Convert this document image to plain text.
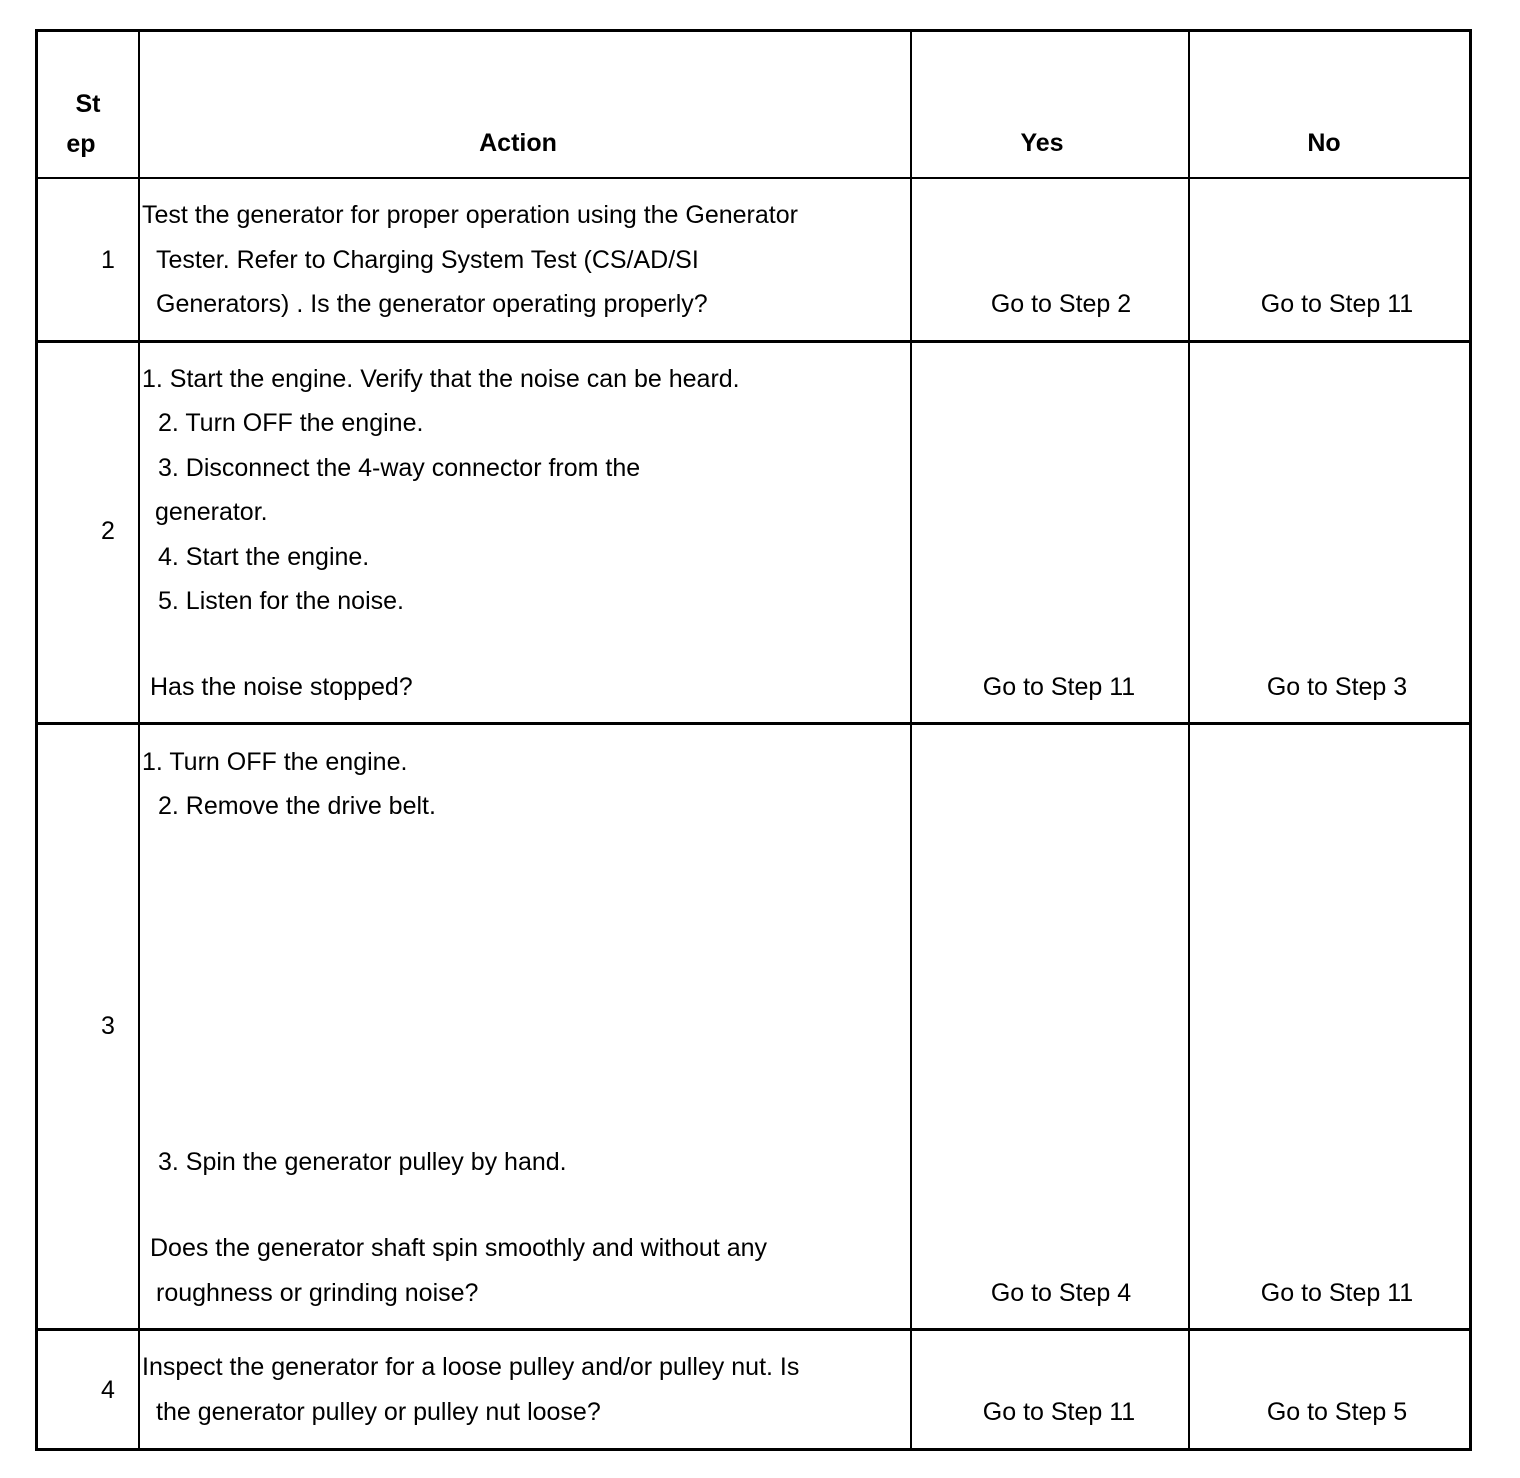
St
ep	Action	Yes	No
1
Test the generator for proper operation using the Generator
Tester. Refer to Charging System Test (CS/AD/SI
Generators) . Is the generator operating properly?	Go to Step 2	Go to Step 11
2
1. Start the engine. Verify that the noise can be heard.
2. Turn OFF the engine.
3. Disconnect the 4-way connector from the
generator.
4. Start the engine.
5. Listen for the noise.
Has the noise stopped?	Go to Step 11	Go to Step 3
3
1. Turn OFF the engine.
2. Remove the drive belt.
3. Spin the generator pulley by hand.
Does the generator shaft spin smoothly and without any
roughness or grinding noise?	Go to Step 4	Go to Step 11
4
Inspect the generator for a loose pulley and/or pulley nut. Is
the generator pulley or pulley nut loose?	Go to Step 11	Go to Step 5
